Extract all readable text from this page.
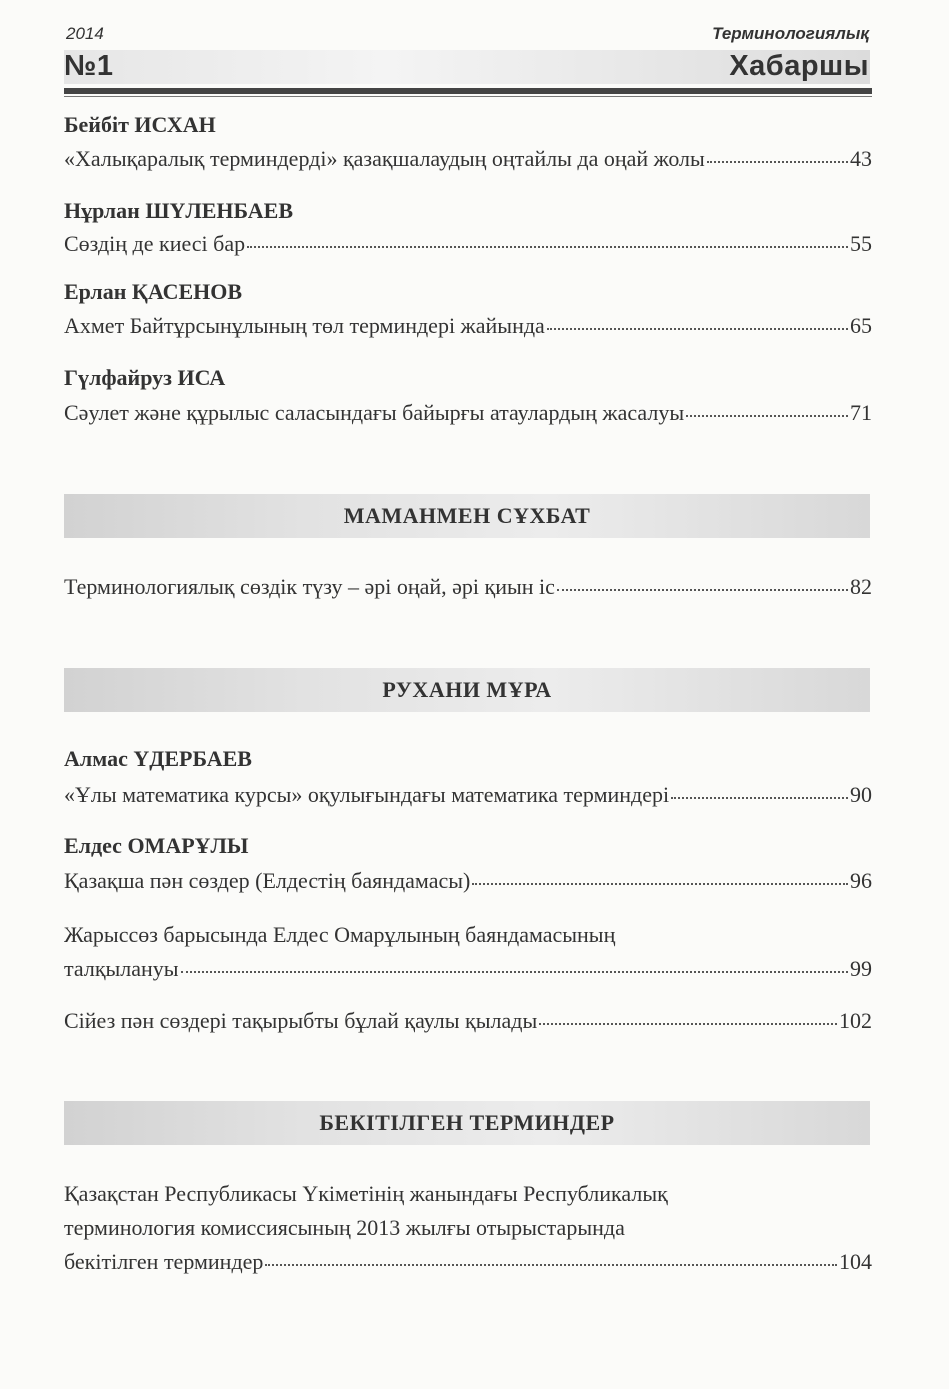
2014
№1
Терминологиялық
Хабаршы
Бейбіт ИСХАН
«Халықаралық терминдерді» қазақшалаудың оңтайлы да оңай жолы	43
Нұрлан ШҮЛЕНБАЕВ
Сөздің де киесі бар	55
Ерлан ҚАСЕНОВ
Ахмет Байтұрсынұлының төл терминдері жайында	65
Гүлфайруз ИСА
Сәулет және құрылыс саласындағы байырғы атаулардың жасалуы	71
МАМАНМЕН СҰХБАТ
Терминологиялық сөздік түзу – әрі оңай, әрі қиын іс	82
РУХАНИ МҰРА
Алмас ҮДЕРБАЕВ
«Ұлы математика курсы» оқулығындағы математика терминдері	90
Елдес ОМАРҰЛЫ
Қазақша пән сөздер (Елдестің баяндамасы)	96
Жарыссөз барысында Елдес Омарұлының баяндамасының
талқылануы	99
Сійез пән сөздері тақырыбты бұлай қаулы қылады	102
БЕКІТІЛГЕН ТЕРМИНДЕР
Қазақстан Республикасы Үкіметінің жанындағы Республикалық
терминология комиссиясының 2013 жылғы отырыстарында
бекітілген терминдер	104
